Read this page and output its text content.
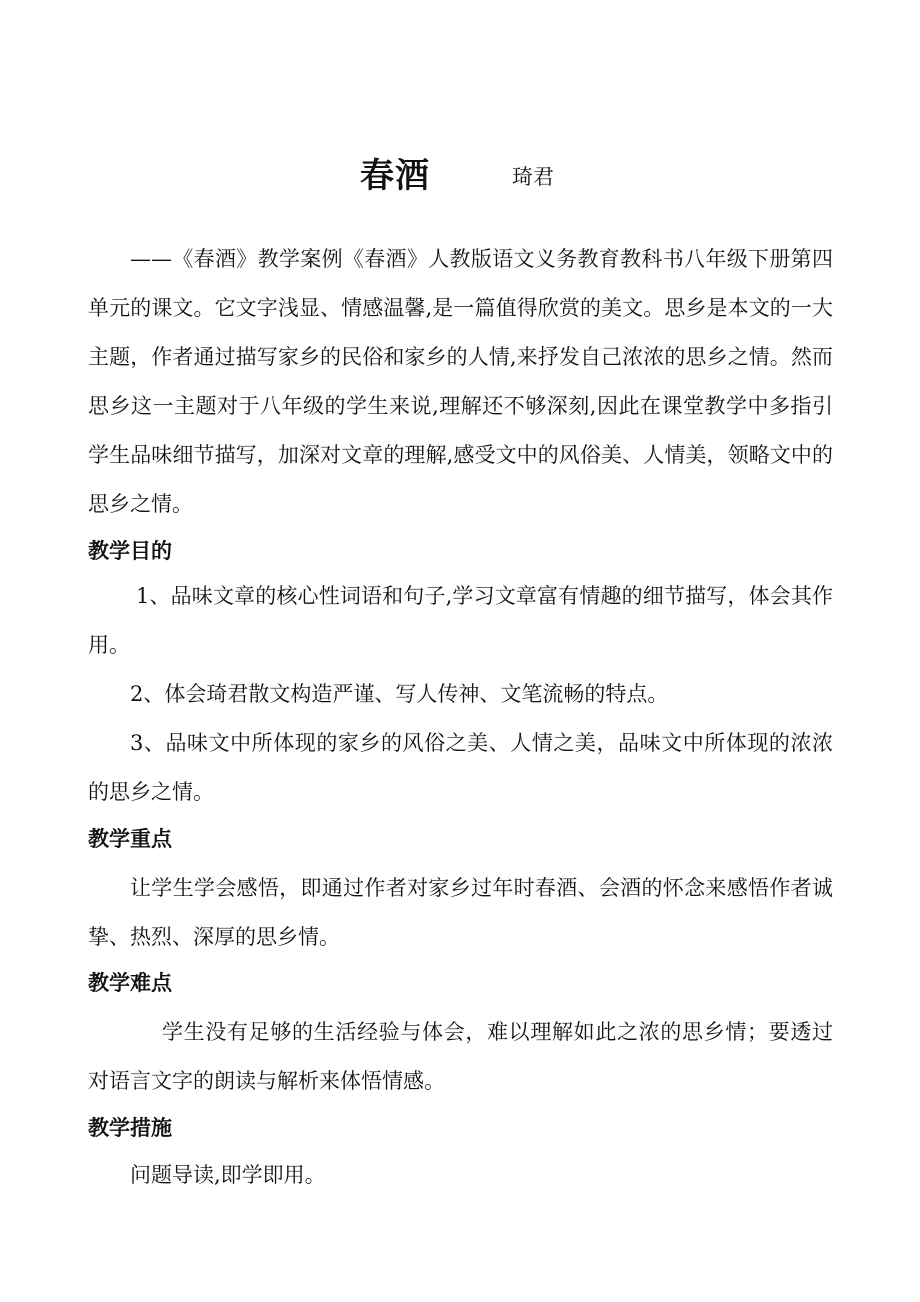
春酒	琦君
——《春酒》教学案例《春酒》人教版语文义务教育教科书八年级下册第四单元的课文。它文字浅显、情感温馨,是一篇值得欣赏的美文。思乡是本文的一大主题，作者通过描写家乡的民俗和家乡的人情,来抒发自己浓浓的思乡之情。然而思乡这一主题对于八年级的学生来说,理解还不够深刻,因此在课堂教学中多指引学生品味细节描写，加深对文章的理解,感受文中的风俗美、人情美，领略文中的思乡之情。
教学目的
1、品味文章的核心性词语和句子,学习文章富有情趣的细节描写，体会其作用。
2、体会琦君散文构造严谨、写人传神、文笔流畅的特点。
3、品味文中所体现的家乡的风俗之美、人情之美，品味文中所体现的浓浓的思乡之情。
教学重点
让学生学会感悟，即通过作者对家乡过年时春酒、会酒的怀念来感悟作者诚挚、热烈、深厚的思乡情。
教学难点
学生没有足够的生活经验与体会，难以理解如此之浓的思乡情；要透过对语言文字的朗读与解析来体悟情感。
教学措施
问题导读,即学即用。
